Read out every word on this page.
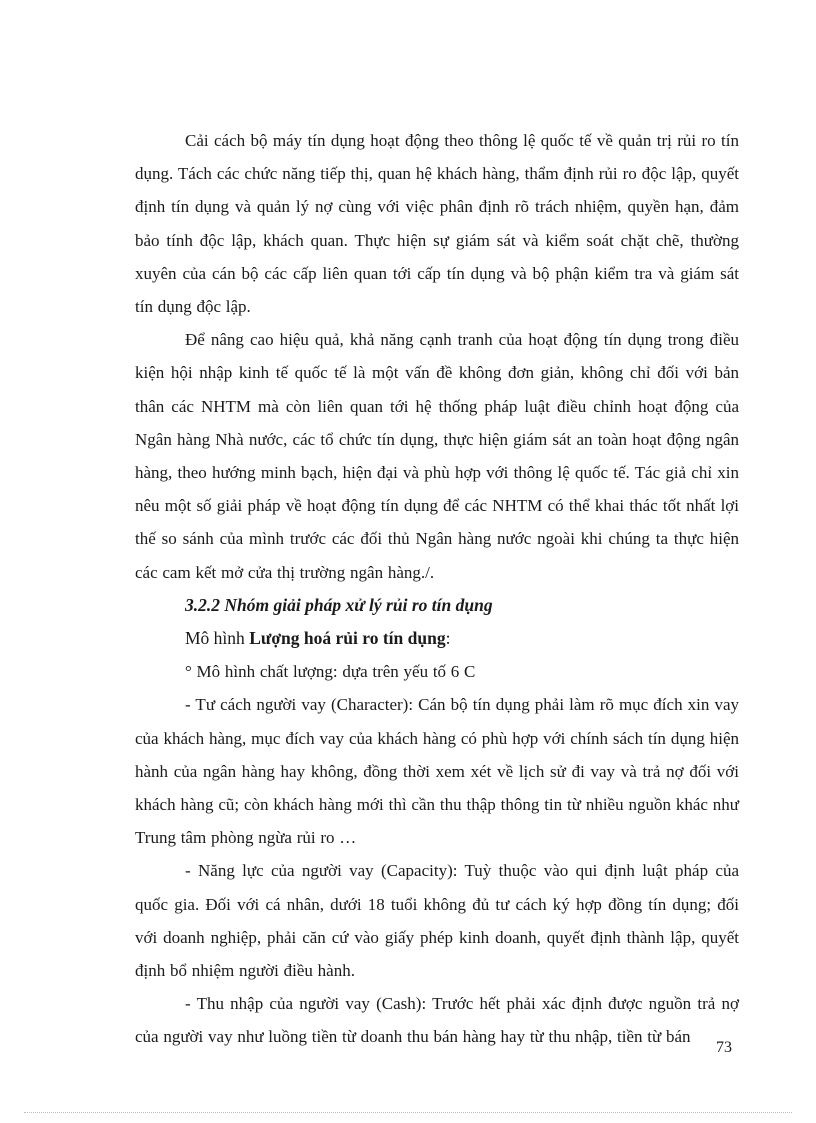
Cải cách bộ máy tín dụng hoạt động theo thông lệ quốc tế về quản trị rủi ro tín dụng. Tách các chức năng tiếp thị, quan hệ khách hàng, thẩm định rủi ro độc lập, quyết định tín dụng và quản lý nợ cùng với việc phân định rõ trách nhiệm, quyền hạn, đảm bảo tính độc lập, khách quan. Thực hiện sự giám sát và kiểm soát chặt chẽ, thường xuyên của cán bộ các cấp liên quan tới cấp tín dụng và bộ phận kiểm tra và giám sát tín dụng độc lập.

Để nâng cao hiệu quả, khả năng cạnh tranh của hoạt động tín dụng trong điều kiện hội nhập kinh tế quốc tế là một vấn đề không đơn giản, không chỉ đối với bản thân các NHTM mà còn liên quan tới hệ thống pháp luật điều chỉnh hoạt động của Ngân hàng Nhà nước, các tổ chức tín dụng, thực hiện giám sát an toàn hoạt động ngân hàng, theo hướng minh bạch, hiện đại và phù hợp với thông lệ quốc tế. Tác giả chỉ xin nêu một số giải pháp về hoạt động tín dụng để các NHTM có thể khai thác tốt nhất lợi thế so sánh của mình trước các đối thủ Ngân hàng nước ngoài khi chúng ta thực hiện các cam kết mở cửa thị trường ngân hàng./.

3.2.2 Nhóm giải pháp xử lý rủi ro tín dụng

Mô hình Lượng hoá rủi ro tín dụng:

° Mô hình chất lượng: dựa trên yếu tố 6 C

- Tư cách người vay (Character): Cán bộ tín dụng phải làm rõ mục đích xin vay của khách hàng, mục đích vay của khách hàng có phù hợp với chính sách tín dụng hiện hành của ngân hàng hay không, đồng thời xem xét về lịch sử đi vay và trả nợ đối với khách hàng cũ; còn khách hàng mới thì cần thu thập thông tin từ nhiều nguồn khác như Trung tâm phòng ngừa rủi ro …

- Năng lực của người vay (Capacity): Tuỳ thuộc vào qui định luật pháp của quốc gia. Đối với cá nhân, dưới 18 tuổi không đủ tư cách ký hợp đồng tín dụng; đối với doanh nghiệp, phải căn cứ vào giấy phép kinh doanh, quyết định thành lập, quyết định bổ nhiệm người điều hành.

- Thu nhập của người vay (Cash): Trước hết phải xác định được nguồn trả nợ của người vay như luồng tiền từ doanh thu bán hàng hay từ thu nhập, tiền từ bán

73
